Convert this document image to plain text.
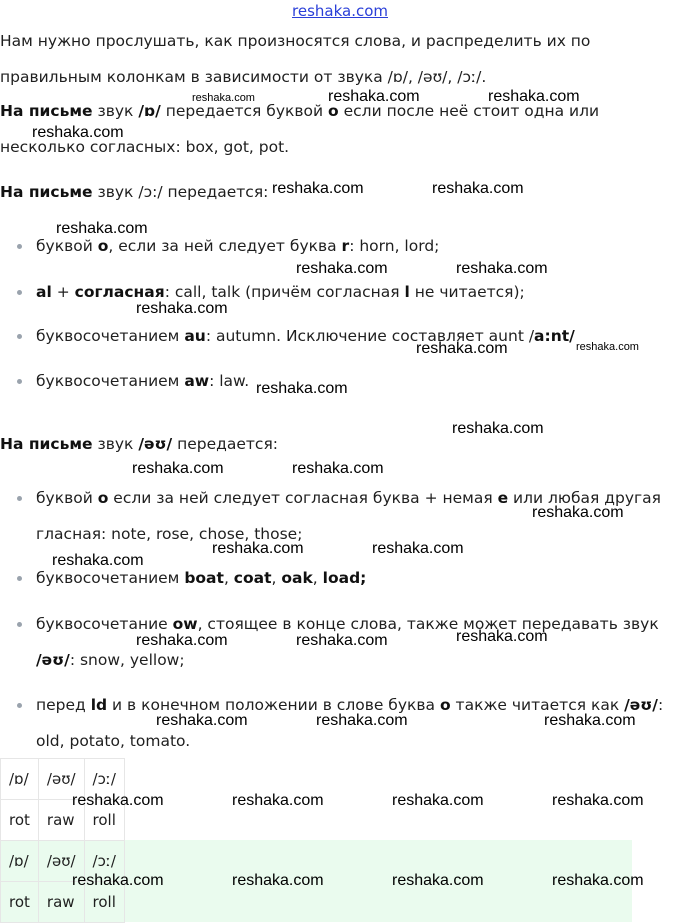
reshaka.com
Нам нужно прослушать, как произносятся слова, и распределить их по
правильным колонкам в зависимости от звука /ɒ/, /əʊ/, /ɔː/.
На письме звук /ɒ/ передается буквой о если после неё стоит одна или
несколько согласных: box, got, pot.
На письме звук /ɔ:/ передается:
буквой о, если за ней следует буква r: horn, lord;
al + согласная: call, talk (причём согласная l не читается);
буквосочетанием au: autumn. Исключение составляет aunt /a:nt/
буквосочетанием aw: law.
На письме звук /əʊ/ передается:
буквой о если за ней следует согласная буква + немая е или любая другая
гласная: note, rose, chose, those;
буквосочетанием boat, coat, oak, load;
буквосочетание ow, стоящее в конце слова, также может передавать звук
/əʊ/: snow, yellow;
перед ld и в конечном положении в слове буква о также читается как /əʊ/:
old, potato, tomato.
/ɒ/	/əʊ/	/ɔː/
rot	raw	roll
/ɒ/	/əʊ/	/ɔː/
rot	raw	roll
reshaka.com	reshaka.com	reshaka.com
reshaka.com
reshaka.com	reshaka.com
reshaka.com
reshaka.com	reshaka.com
reshaka.com
reshaka.com	reshaka.com
reshaka.com
reshaka.com
reshaka.com	reshaka.com
reshaka.com
reshaka.com	reshaka.com
reshaka.com
reshaka.com
reshaka.com	reshaka.com
reshaka.com	reshaka.com	reshaka.com
reshaka.com	reshaka.com	reshaka.com	reshaka.com
reshaka.com	reshaka.com	reshaka.com	reshaka.com
